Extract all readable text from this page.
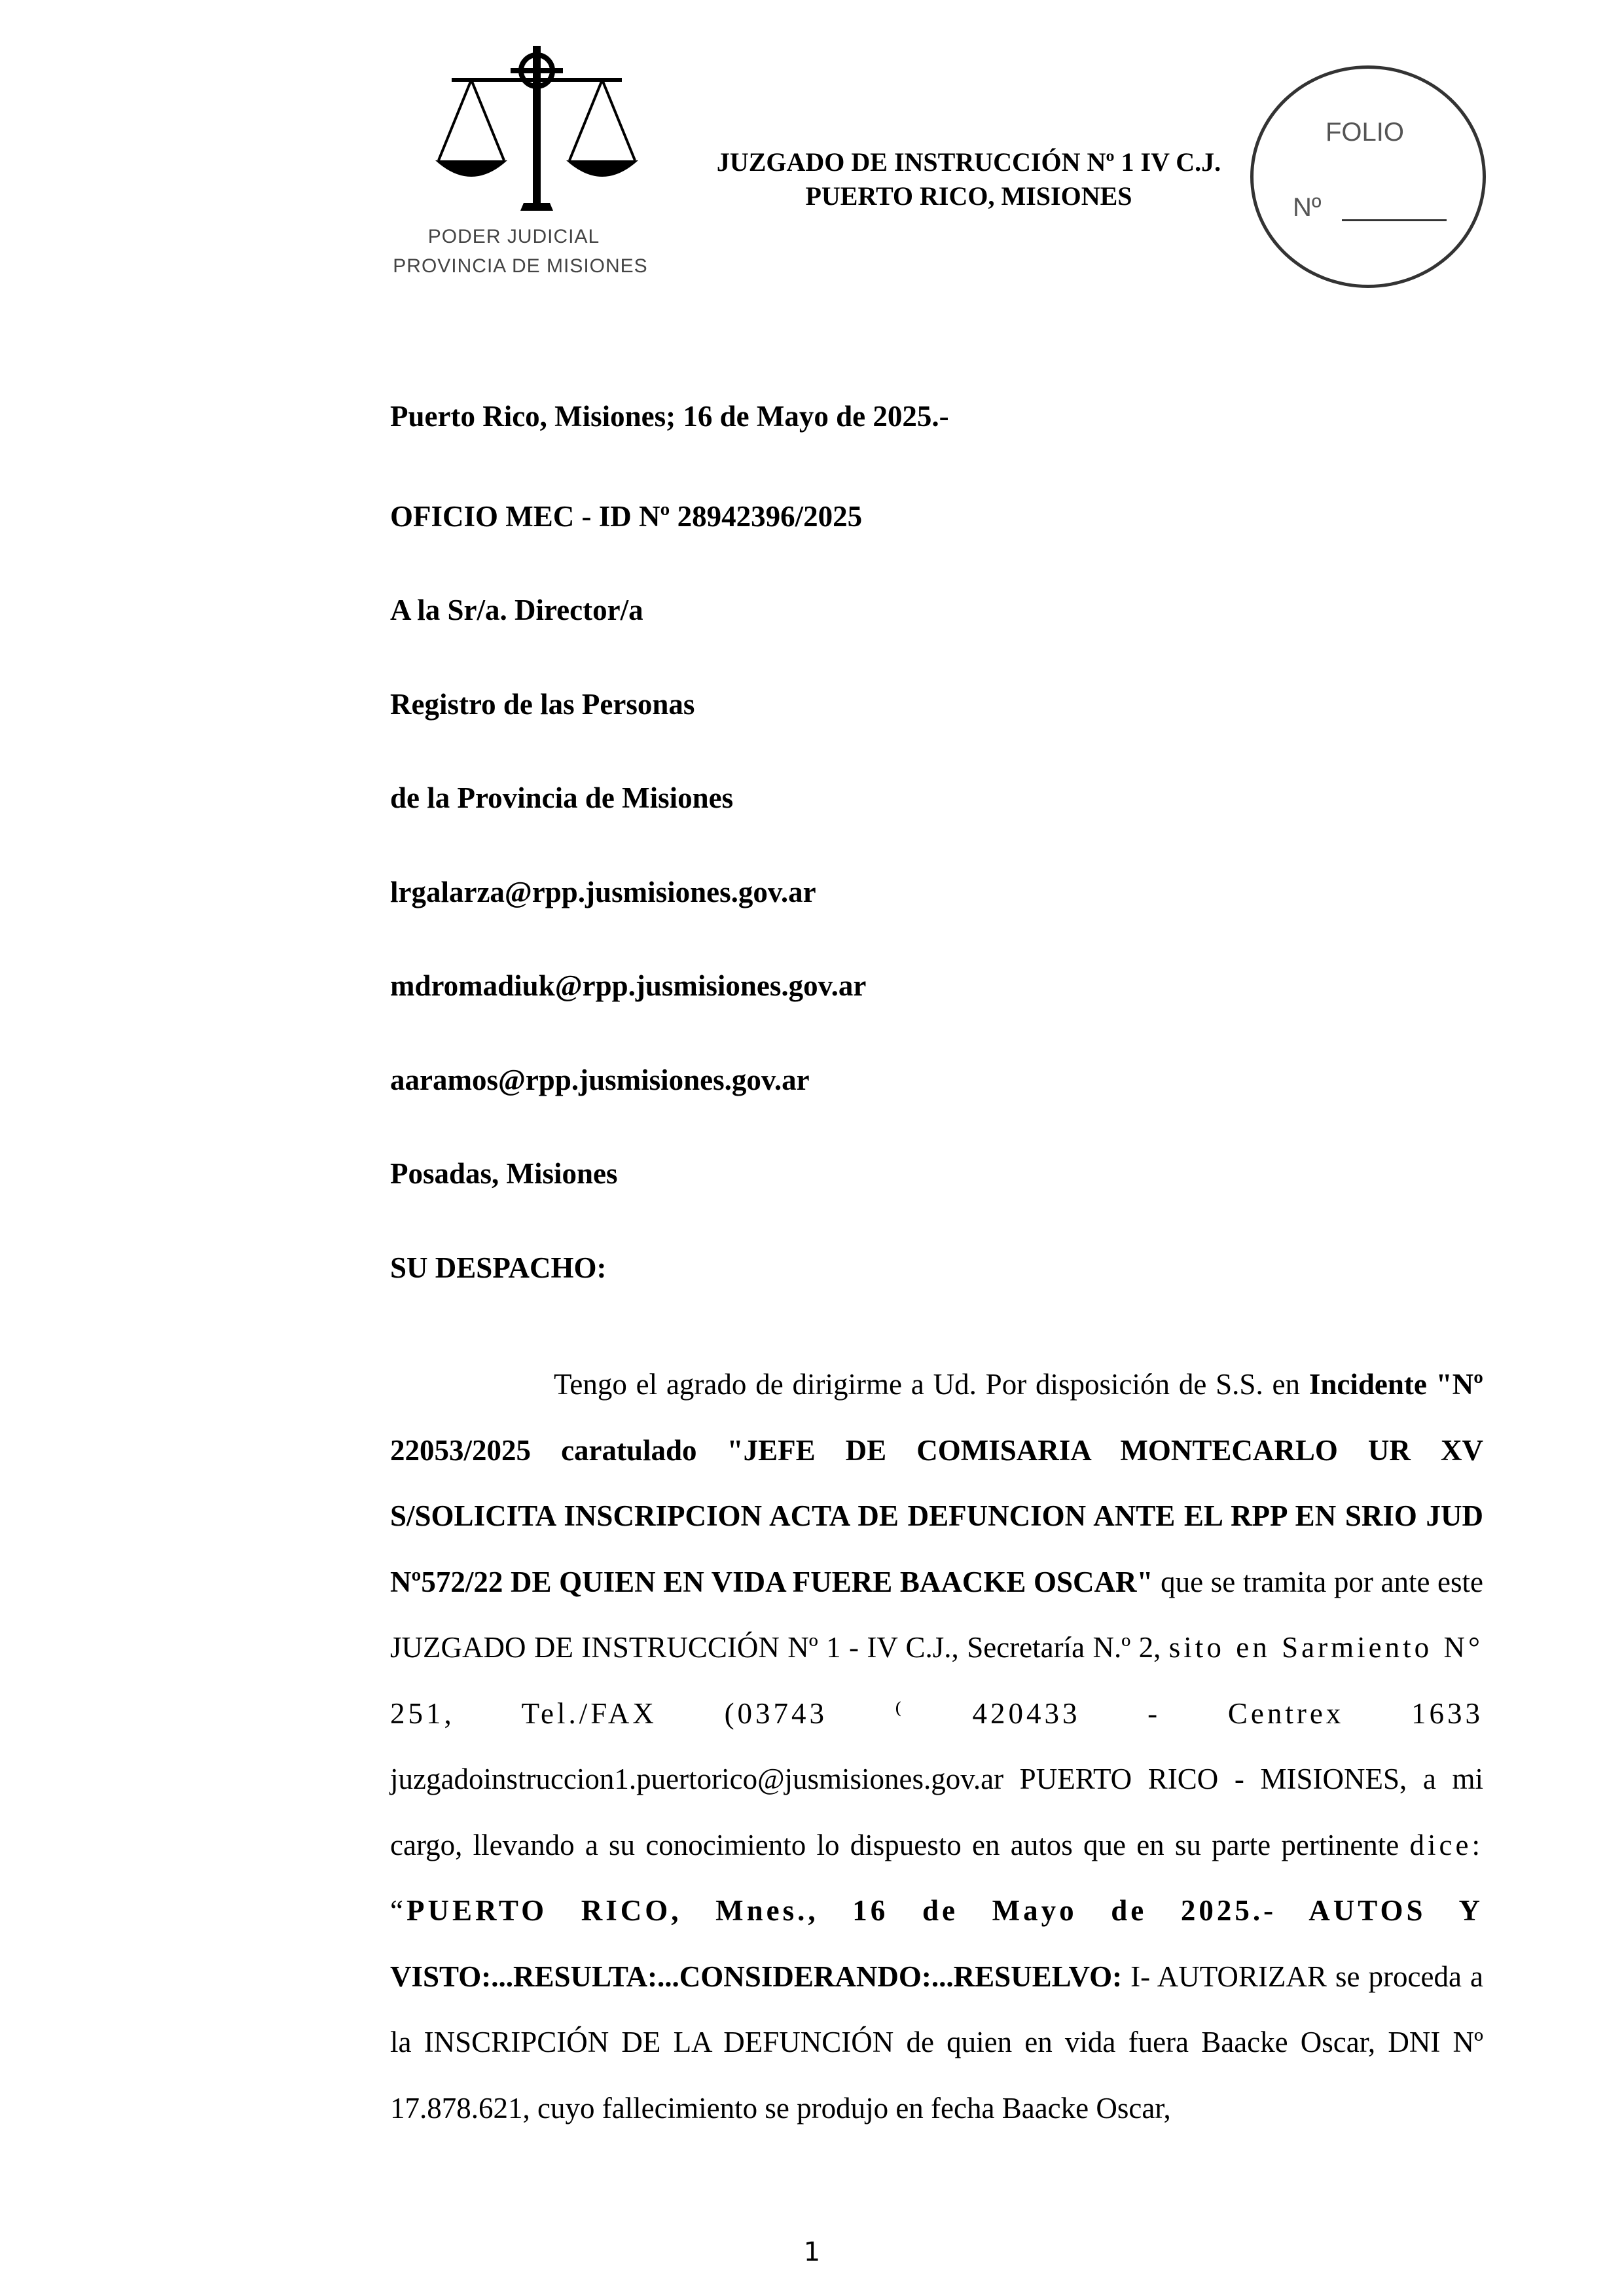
PODER JUDICIAL
PROVINCIA DE MISIONES
JUZGADO DE INSTRUCCIÓN Nº 1 IV C.J.
PUERTO RICO, MISIONES
FOLIO
Nº
Puerto Rico, Misiones; 16 de Mayo de 2025.-
OFICIO MEC - ID Nº 28942396/2025
A la Sr/a. Director/a
Registro de las Personas
de la Provincia de Misiones
lrgalarza@rpp.jusmisiones.gov.ar
mdromadiuk@rpp.jusmisiones.gov.ar
aaramos@rpp.jusmisiones.gov.ar
Posadas, Misiones
SU DESPACHO:
Tengo el agrado de dirigirme a Ud. Por disposición de S.S. en Incidente "Nº 22053/2025 caratulado "JEFE DE COMISARIA MONTECARLO UR XV S/SOLICITA INSCRIPCION ACTA DE DEFUNCION ANTE EL RPP EN SRIO JUD Nº572/22 DE QUIEN EN VIDA FUERE BAACKE OSCAR" que se tramita por ante este JUZGADO DE INSTRUCCIÓN Nº 1 - IV C.J., Secretaría N.º 2, sito en Sarmiento N° 251, Tel./FAX (03743 ⁽ 420433 - Centrex 1633 juzgadoinstruccion1.puertorico@jusmisiones.gov.ar PUERTO RICO - MISIONES, a mi cargo, llevando a su conocimiento lo dispuesto en autos que en su parte pertinente dice: “PUERTO RICO, Mnes., 16 de Mayo de 2025.- AUTOS Y VISTO:...RESULTA:...CONSIDERANDO:...RESUELVO: I- AUTORIZAR se proceda a la INSCRIPCIÓN DE LA DEFUNCIÓN de quien en vida fuera Baacke Oscar, DNI Nº 17.878.621, cuyo fallecimiento se produjo en fecha Baacke Oscar,
1
